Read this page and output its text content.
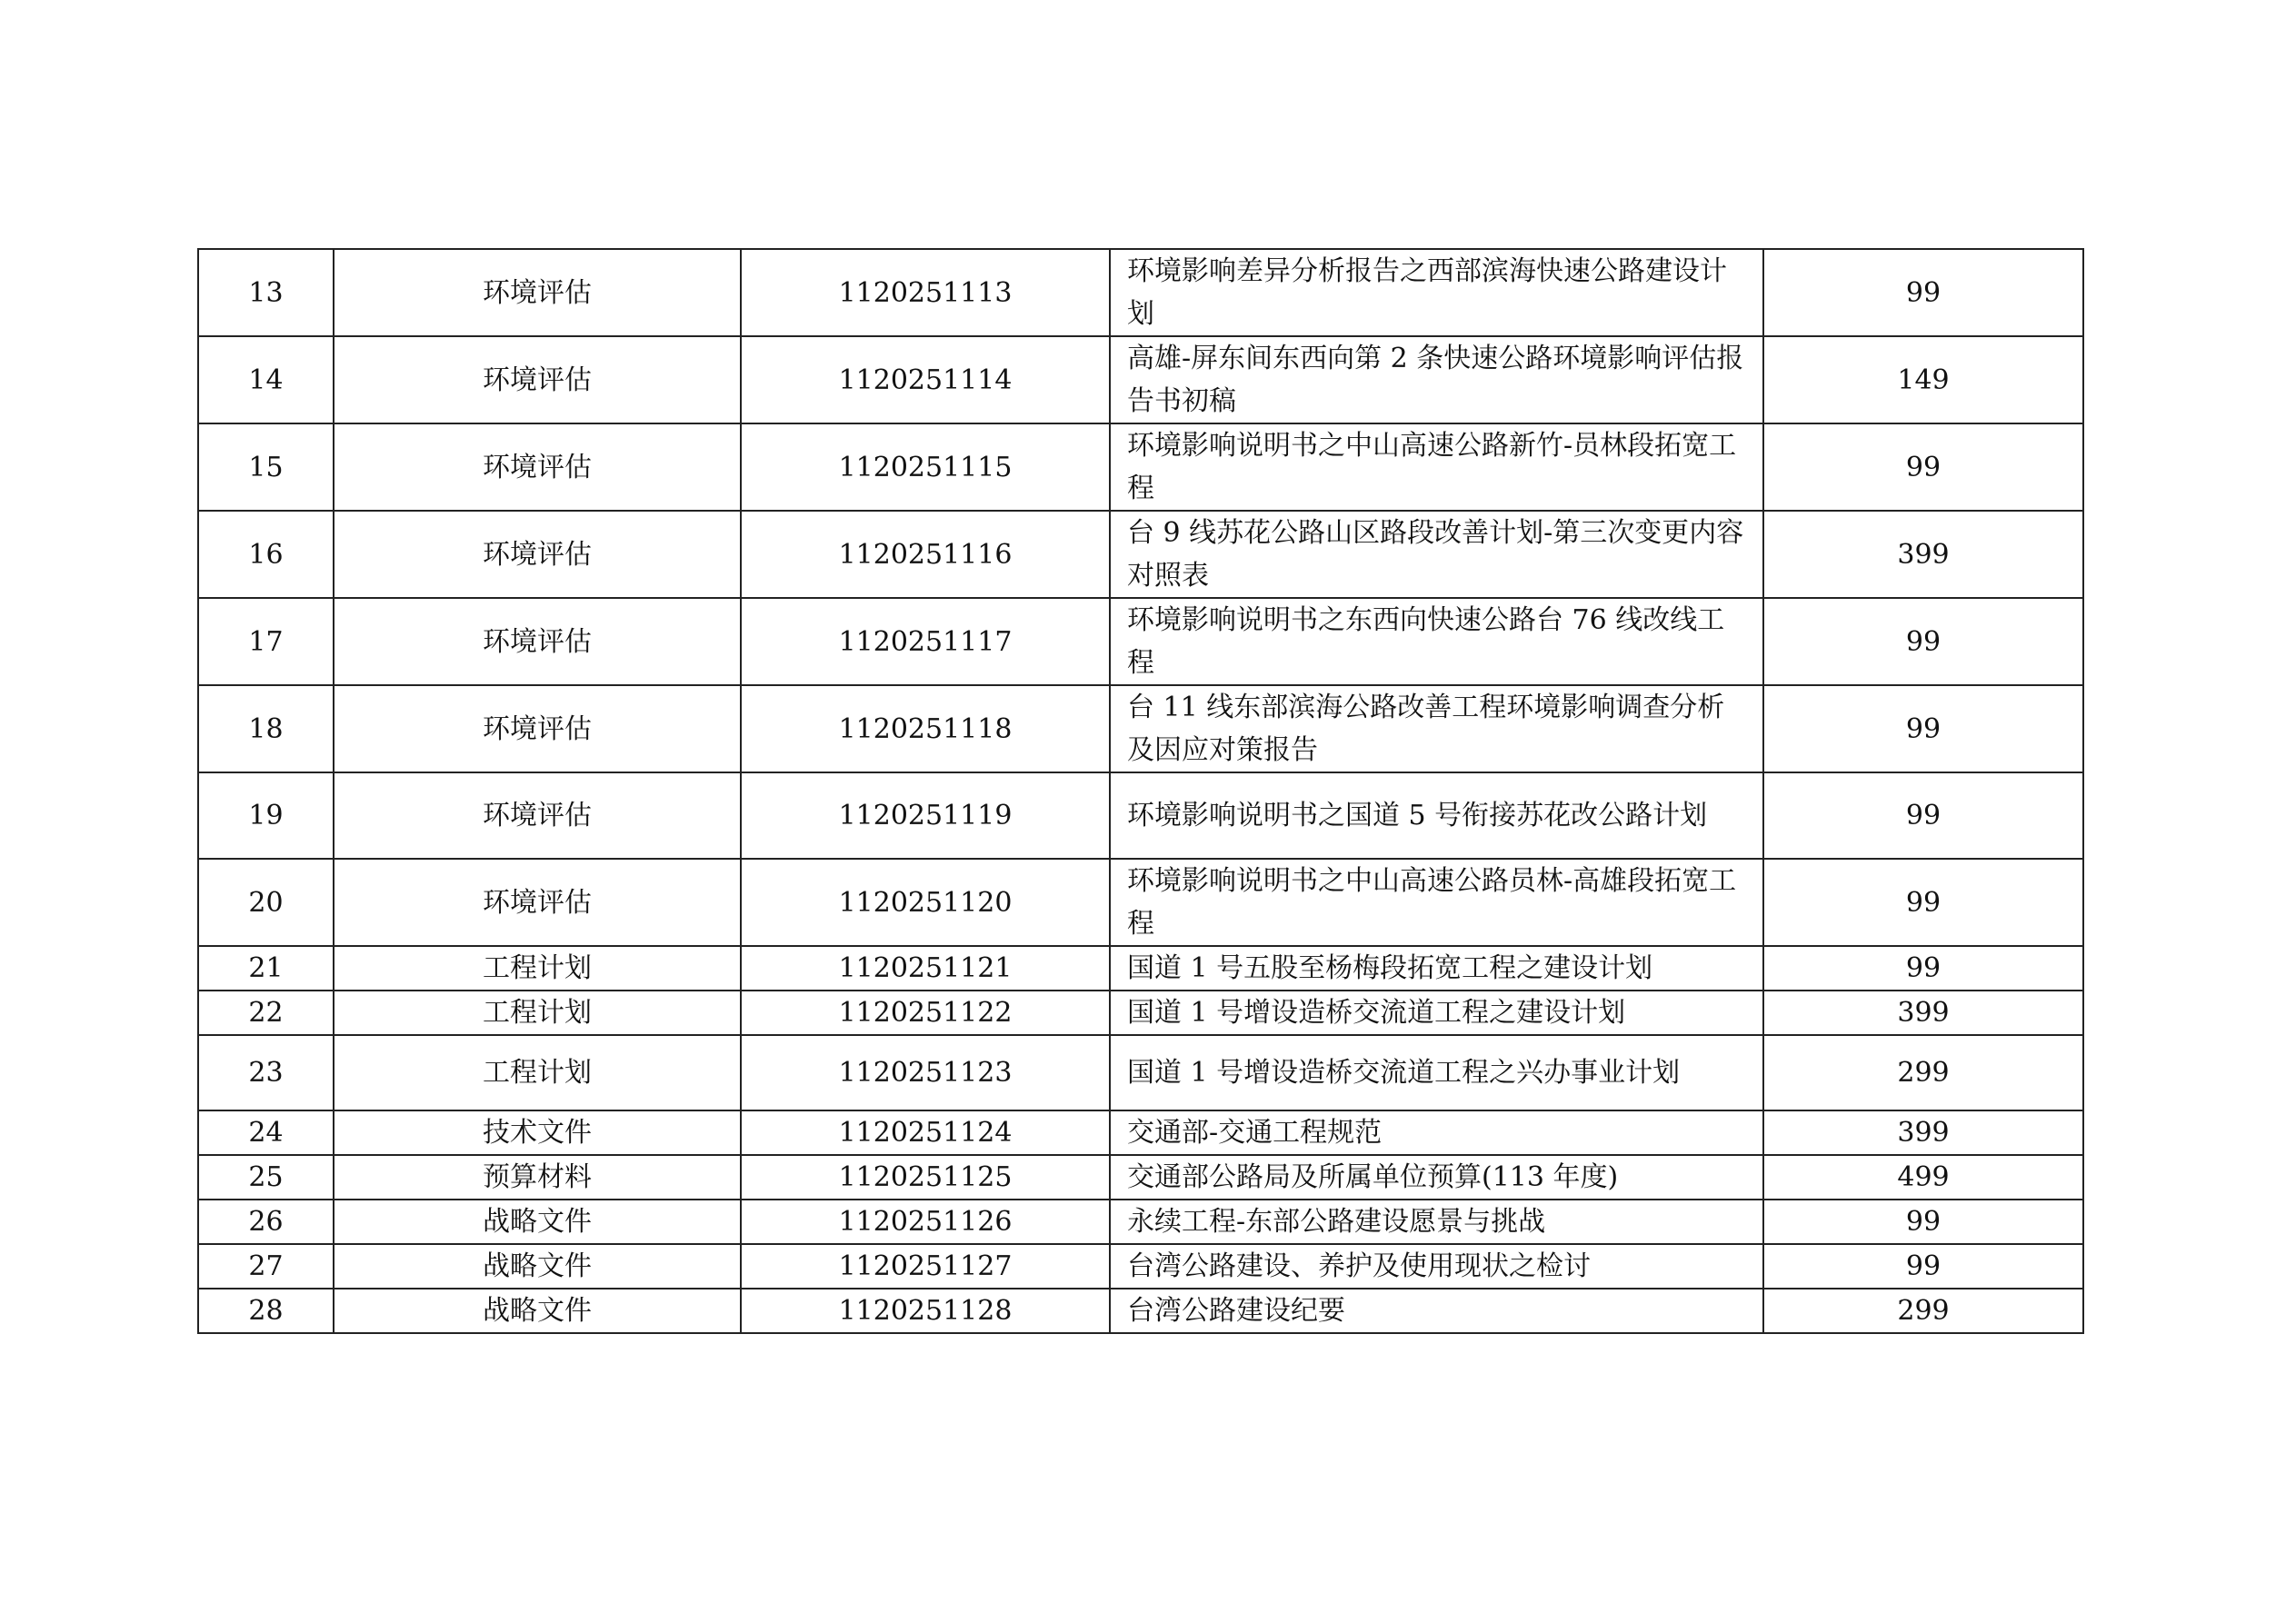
13	环境评估	1120251113	环境影响差异分析报告之西部滨海快速公路建设计划	99
14	环境评估	1120251114	高雄-屏东间东西向第 2 条快速公路环境影响评估报告书初稿	149
15	环境评估	1120251115	环境影响说明书之中山高速公路新竹-员林段拓宽工程	99
16	环境评估	1120251116	台 9 线苏花公路山区路段改善计划-第三次变更内容对照表	399
17	环境评估	1120251117	环境影响说明书之东西向快速公路台 76 线改线工程	99
18	环境评估	1120251118	台 11 线东部滨海公路改善工程环境影响调查分析及因应对策报告	99
19	环境评估	1120251119	环境影响说明书之国道 5 号衔接苏花改公路计划	99
20	环境评估	1120251120	环境影响说明书之中山高速公路员林-高雄段拓宽工程	99
21	工程计划	1120251121	国道 1 号五股至杨梅段拓宽工程之建设计划	99
22	工程计划	1120251122	国道 1 号增设造桥交流道工程之建设计划	399
23	工程计划	1120251123	国道 1 号增设造桥交流道工程之兴办事业计划	299
24	技术文件	1120251124	交通部-交通工程规范	399
25	预算材料	1120251125	交通部公路局及所属单位预算(113 年度)	499
26	战略文件	1120251126	永续工程-东部公路建设愿景与挑战	99
27	战略文件	1120251127	台湾公路建设、养护及使用现状之检讨	99
28	战略文件	1120251128	台湾公路建设纪要	299
